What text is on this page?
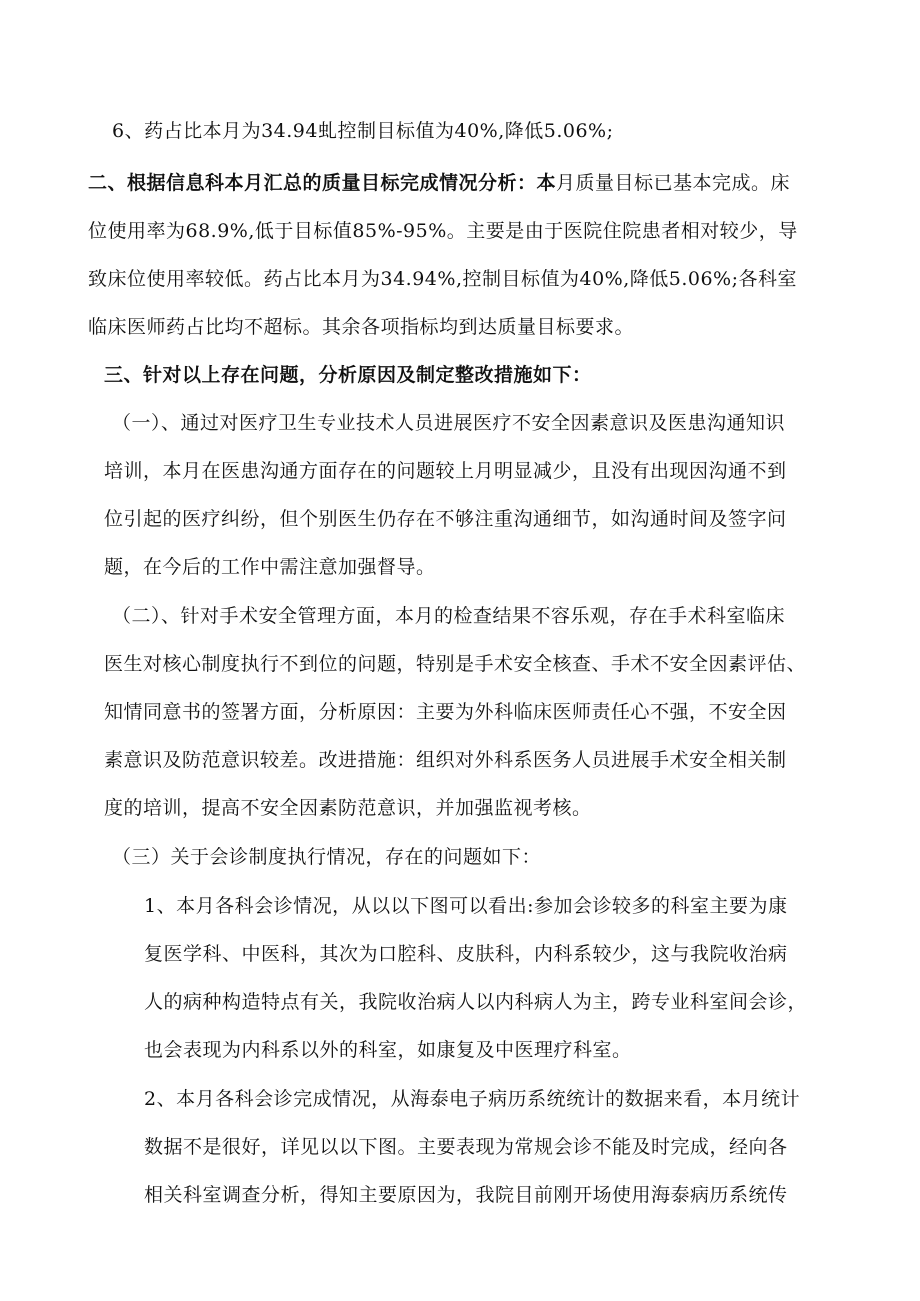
6、药占比本月为34.94虬控制目标值为40%,降低5.06%;
二、根据信息科本月汇总的质量目标完成情况分析：本月质量目标已基本完成。床
位使用率为68.9%,低于目标值85%-95%。主要是由于医院住院患者相对较少，导
致床位使用率较低。药占比本月为34.94%,控制目标值为40%,降低5.06%;各科室
临床医师药占比均不超标。其余各项指标均到达质量目标要求。
三、针对以上存在问题，分析原因及制定整改措施如下：
（一）、通过对医疗卫生专业技术人员进展医疗不安全因素意识及医患沟通知识
培训，本月在医患沟通方面存在的问题较上月明显减少，且没有出现因沟通不到
位引起的医疗纠纷，但个别医生仍存在不够注重沟通细节，如沟通时间及签字问
题，在今后的工作中需注意加强督导。
（二）、针对手术安全管理方面，本月的检查结果不容乐观，存在手术科室临床
医生对核心制度执行不到位的问题，特别是手术安全核查、手术不安全因素评估、
知情同意书的签署方面，分析原因：主要为外科临床医师责任心不强，不安全因
素意识及防范意识较差。改进措施：组织对外科系医务人员进展手术安全相关制
度的培训，提高不安全因素防范意识，并加强监视考核。
（三）关于会诊制度执行情况，存在的问题如下：
1、本月各科会诊情况，从以以下图可以看出:参加会诊较多的科室主要为康
复医学科、中医科，其次为口腔科、皮肤科，内科系较少，这与我院收治病
人的病种构造特点有关，我院收治病人以内科病人为主，跨专业科室间会诊，
也会表现为内科系以外的科室，如康复及中医理疗科室。
2、本月各科会诊完成情况，从海泰电子病历系统统计的数据来看，本月统计
数据不是很好，详见以以下图。主要表现为常规会诊不能及时完成，经向各
相关科室调查分析，得知主要原因为，我院目前刚开场使用海泰病历系统传
